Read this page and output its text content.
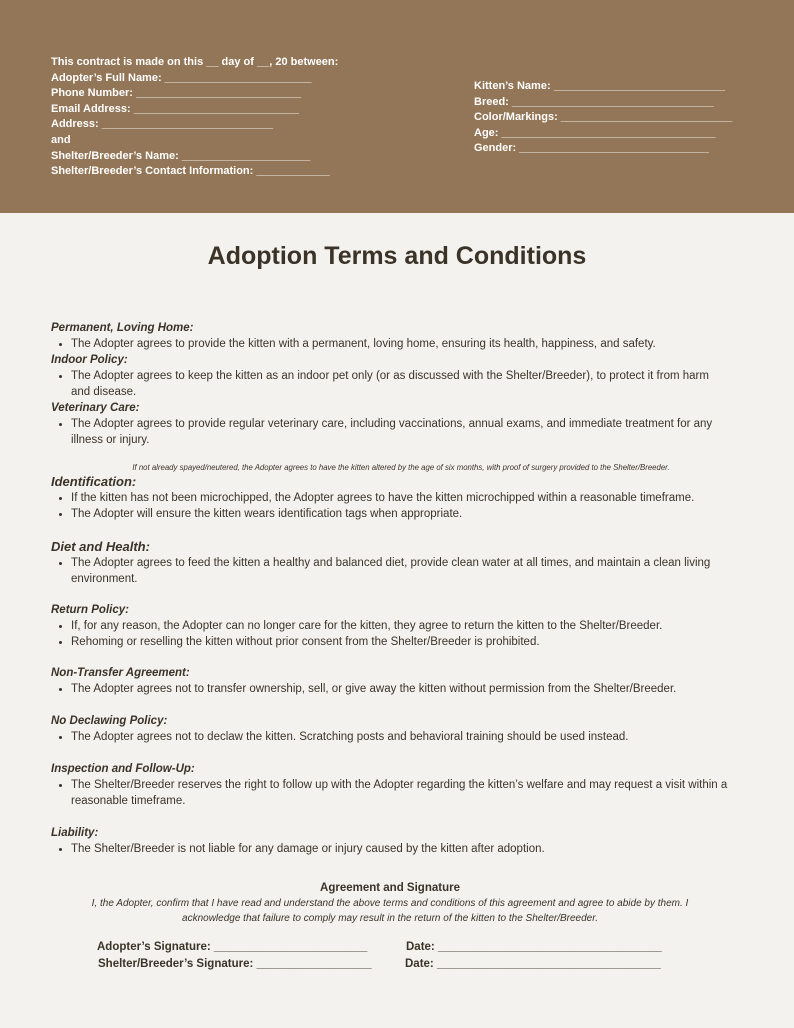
This contract is made on this __ day of __, 20 between:
Adopter’s Full Name: ________________________
Phone Number: ___________________________
Email Address: ___________________________
Address: ____________________________
and
Shelter/Breeder’s Name: _____________________
Shelter/Breeder’s Contact Information: ____________
Kitten’s Name: ____________________________
Breed: _________________________________
Color/Markings: ____________________________
Age: ___________________________________
Gender: _______________________________
Adoption Terms and Conditions
Permanent, Loving Home:
• The Adopter agrees to provide the kitten with a permanent, loving home, ensuring its health, happiness, and safety.
Indoor Policy:
• The Adopter agrees to keep the kitten as an indoor pet only (or as discussed with the Shelter/Breeder), to protect it from harm and disease.
Veterinary Care:
• The Adopter agrees to provide regular veterinary care, including vaccinations, annual exams, and immediate treatment for any illness or injury.
If not already spayed/neutered, the Adopter agrees to have the kitten altered by the age of six months, with proof of surgery provided to the Shelter/Breeder.
Identification:
• If the kitten has not been microchipped, the Adopter agrees to have the kitten microchipped within a reasonable timeframe.
• The Adopter will ensure the kitten wears identification tags when appropriate.
Diet and Health:
• The Adopter agrees to feed the kitten a healthy and balanced diet, provide clean water at all times, and maintain a clean living environment.
Return Policy:
• If, for any reason, the Adopter can no longer care for the kitten, they agree to return the kitten to the Shelter/Breeder.
• Rehoming or reselling the kitten without prior consent from the Shelter/Breeder is prohibited.
Non-Transfer Agreement:
• The Adopter agrees not to transfer ownership, sell, or give away the kitten without permission from the Shelter/Breeder.
No Declawing Policy:
• The Adopter agrees not to declaw the kitten. Scratching posts and behavioral training should be used instead.
Inspection and Follow-Up:
• The Shelter/Breeder reserves the right to follow up with the Adopter regarding the kitten’s welfare and may request a visit within a reasonable timeframe.
Liability:
• The Shelter/Breeder is not liable for any damage or injury caused by the kitten after adoption.
Agreement and Signature
I, the Adopter, confirm that I have read and understand the above terms and conditions of this agreement and agree to abide by them. I acknowledge that failure to comply may result in the return of the kitten to the Shelter/Breeder.
Adopter’s Signature: ________________________	Date: ___________________________________
Shelter/Breeder’s Signature: __________________	Date: ___________________________________
